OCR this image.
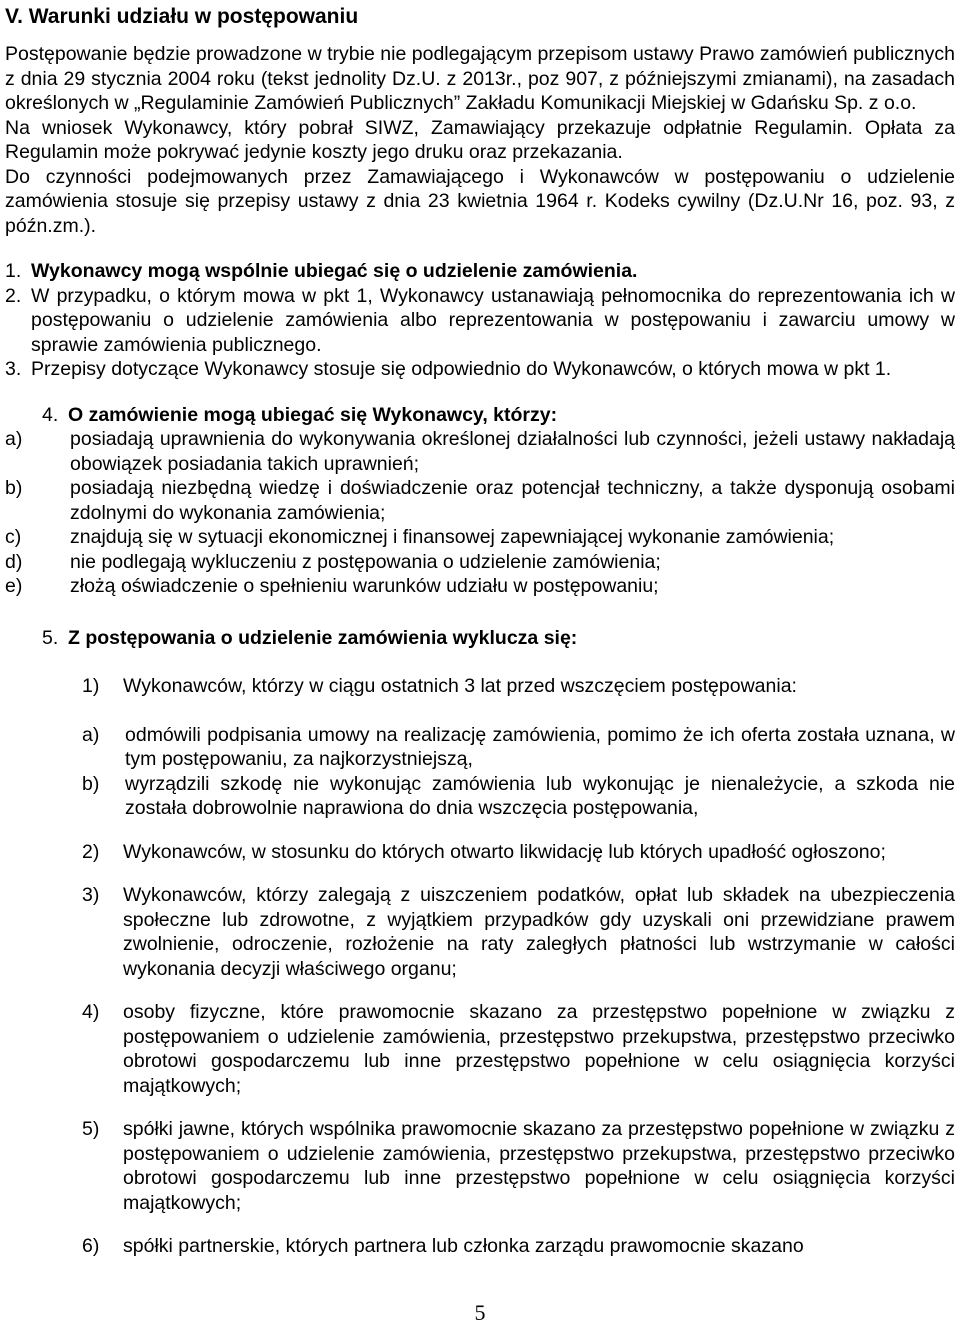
V. Warunki udziału w postępowaniu

Postępowanie będzie prowadzone w trybie nie podlegającym przepisom ustawy Prawo zamówień publicznych z dnia 29 stycznia 2004 roku (tekst jednolity Dz.U. z 2013r., poz 907, z późniejszymi zmianami), na zasadach określonych w „Regulaminie Zamówień Publicznych” Zakładu Komunikacji Miejskiej w Gdańsku Sp. z o.o.

Na wniosek Wykonawcy, który pobrał SIWZ, Zamawiający przekazuje odpłatnie Regulamin. Opłata za Regulamin może pokrywać jedynie koszty jego druku oraz przekazania.

Do czynności podejmowanych przez Zamawiającego i Wykonawców w postępowaniu o udzielenie zamówienia stosuje się przepisy ustawy z dnia 23 kwietnia 1964 r. Kodeks cywilny (Dz.U.Nr 16, poz. 93, z późn.zm.).

1. Wykonawcy mogą wspólnie ubiegać się o udzielenie zamówienia.
2. W przypadku, o którym mowa w pkt 1, Wykonawcy ustanawiają pełnomocnika do reprezentowania ich w postępowaniu o udzielenie zamówienia albo reprezentowania w postępowaniu i zawarciu umowy w sprawie zamówienia publicznego.
3. Przepisy dotyczące Wykonawcy stosuje się odpowiednio do Wykonawców, o których mowa w pkt 1.
4. O zamówienie mogą ubiegać się Wykonawcy, którzy:
a)	posiadają uprawnienia do wykonywania określonej działalności lub czynności, jeżeli ustawy nakładają obowiązek posiadania takich uprawnień;
b)	posiadają niezbędną wiedzę i doświadczenie oraz potencjał techniczny, a także dysponują osobami zdolnymi do wykonania zamówienia;
c)	znajdują się w sytuacji ekonomicznej i finansowej zapewniającej wykonanie zamówienia;
d)	nie podlegają wykluczeniu z postępowania o udzielenie zamówienia;
e)	złożą oświadczenie o spełnieniu warunków udziału w postępowaniu;
5. Z postępowania o udzielenie zamówienia wyklucza się:
1)	Wykonawców, którzy w ciągu ostatnich 3 lat przed wszczęciem postępowania:
a)	odmówili podpisania umowy na realizację zamówienia, pomimo że ich oferta została uznana, w tym postępowaniu, za najkorzystniejszą,
b)	wyrządzili szkodę nie wykonując zamówienia lub wykonując je nienależycie, a szkoda nie została dobrowolnie naprawiona do dnia wszczęcia postępowania,
2)	Wykonawców, w stosunku do których otwarto likwidację lub których upadłość ogłoszono;
3)	Wykonawców, którzy zalegają z uiszczeniem podatków, opłat lub składek na ubezpieczenia społeczne lub zdrowotne, z wyjątkiem przypadków gdy uzyskali oni przewidziane prawem zwolnienie, odroczenie, rozłożenie na raty zaległych płatności lub wstrzymanie w całości wykonania decyzji właściwego organu;
4)	osoby fizyczne, które prawomocnie skazano za przestępstwo popełnione w związku z postępowaniem o udzielenie zamówienia, przestępstwo przekupstwa, przestępstwo przeciwko obrotowi gospodarczemu lub inne przestępstwo popełnione w celu osiągnięcia korzyści majątkowych;
5)	spółki jawne, których wspólnika prawomocnie skazano za przestępstwo popełnione w związku z postępowaniem o udzielenie zamówienia, przestępstwo przekupstwa, przestępstwo przeciwko obrotowi gospodarczemu lub inne przestępstwo popełnione w celu osiągnięcia korzyści majątkowych;
6)	spółki partnerskie, których partnera lub członka zarządu prawomocnie skazano
5
